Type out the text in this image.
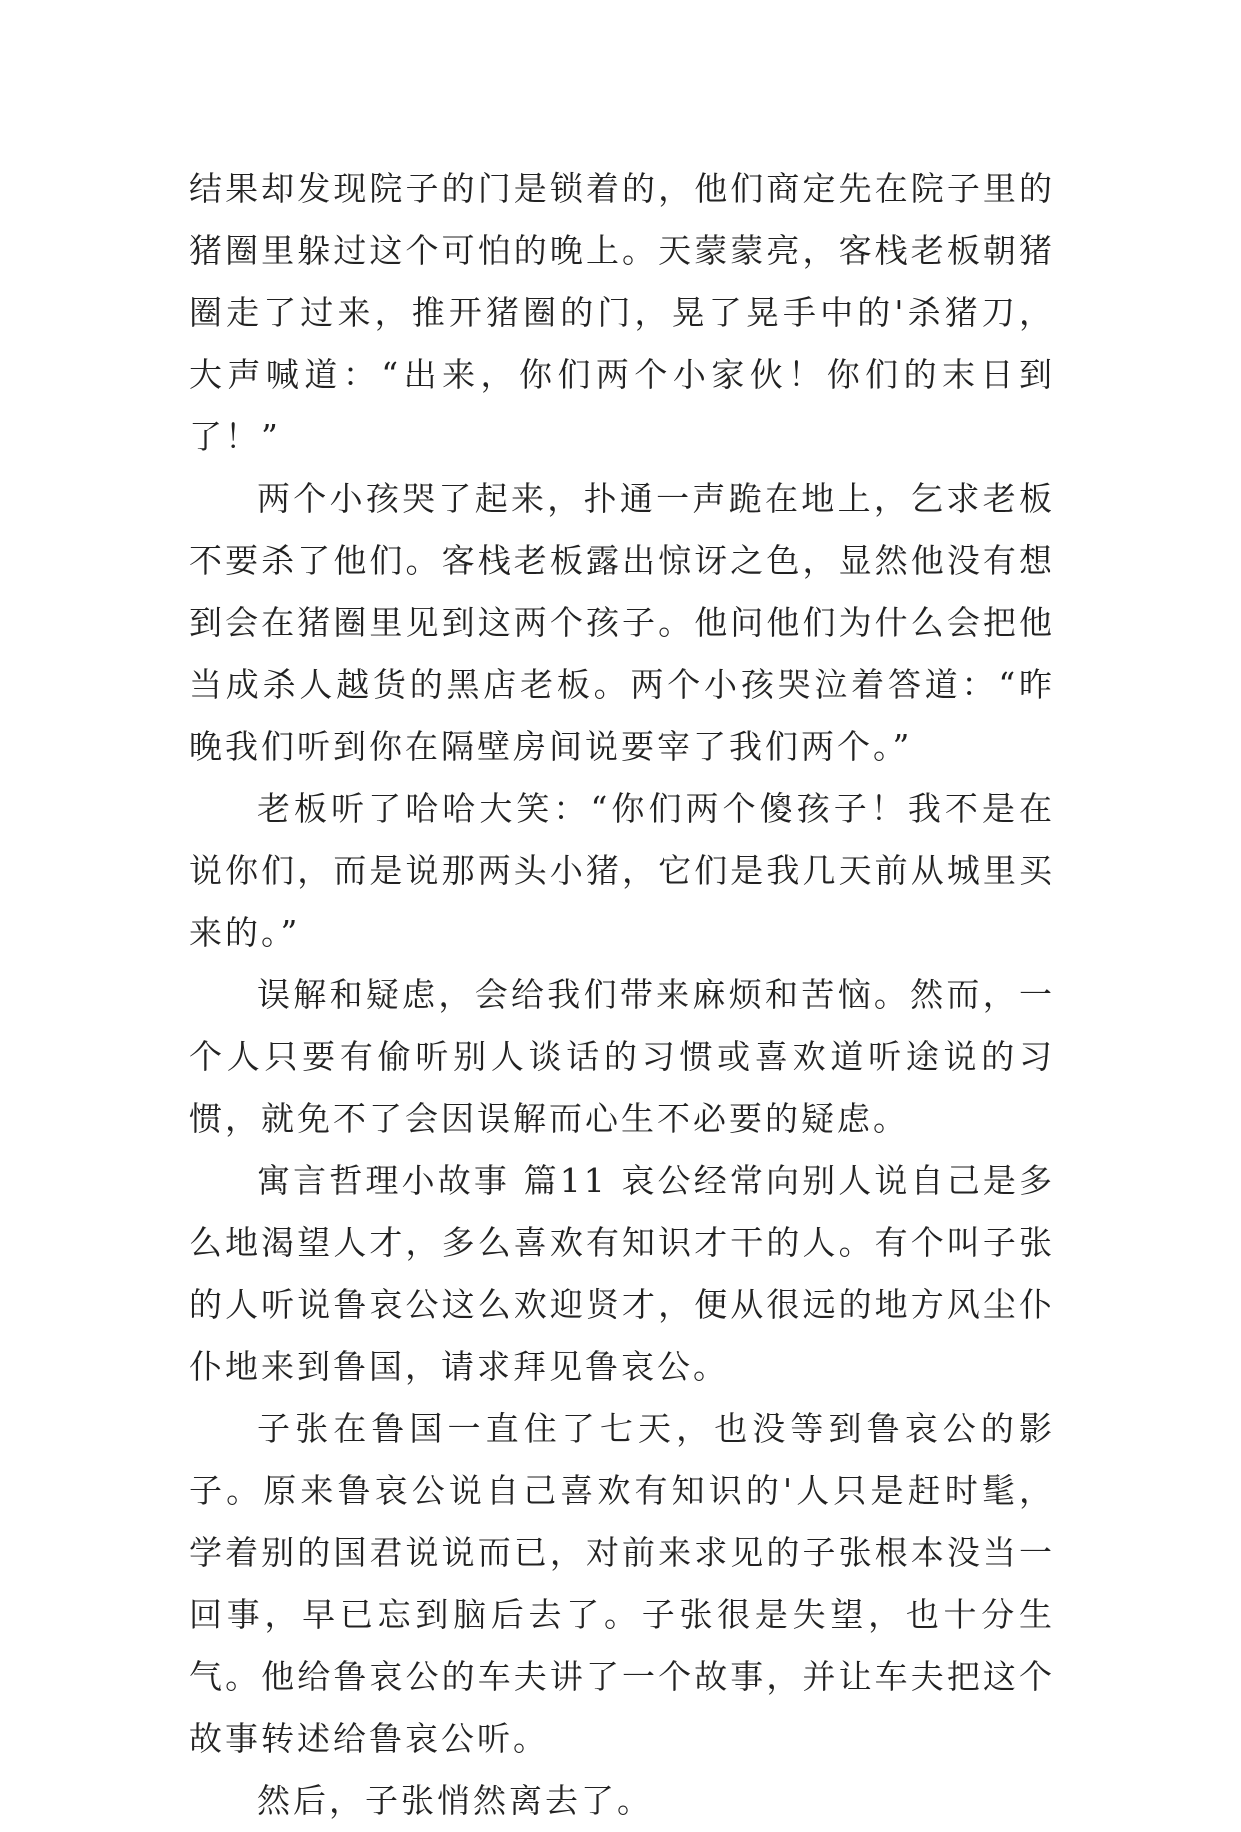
结果却发现院子的门是锁着的，他们商定先在院子里的猪圈里躲过这个可怕的晚上。天蒙蒙亮，客栈老板朝猪圈走了过来，推开猪圈的门，晃了晃手中的'杀猪刀，大声喊道：“出来，你们两个小家伙！你们的末日到了！”

两个小孩哭了起来，扑通一声跪在地上，乞求老板不要杀了他们。客栈老板露出惊讶之色，显然他没有想到会在猪圈里见到这两个孩子。他问他们为什么会把他当成杀人越货的黑店老板。两个小孩哭泣着答道：“昨晚我们听到你在隔壁房间说要宰了我们两个。”

老板听了哈哈大笑：“你们两个傻孩子！我不是在说你们，而是说那两头小猪，它们是我几天前从城里买来的。”

误解和疑虑，会给我们带来麻烦和苦恼。然而，一个人只要有偷听别人谈话的习惯或喜欢道听途说的习惯，就免不了会因误解而心生不必要的疑虑。

寓言哲理小故事 篇11 哀公经常向别人说自己是多么地渴望人才，多么喜欢有知识才干的人。有个叫子张的人听说鲁哀公这么欢迎贤才，便从很远的地方风尘仆仆地来到鲁国，请求拜见鲁哀公。

子张在鲁国一直住了七天，也没等到鲁哀公的影子。原来鲁哀公说自己喜欢有知识的'人只是赶时髦，学着别的国君说说而已，对前来求见的子张根本没当一回事，早已忘到脑后去了。子张很是失望，也十分生气。他给鲁哀公的车夫讲了一个故事，并让车夫把这个故事转述给鲁哀公听。

然后，子张悄然离去了。
